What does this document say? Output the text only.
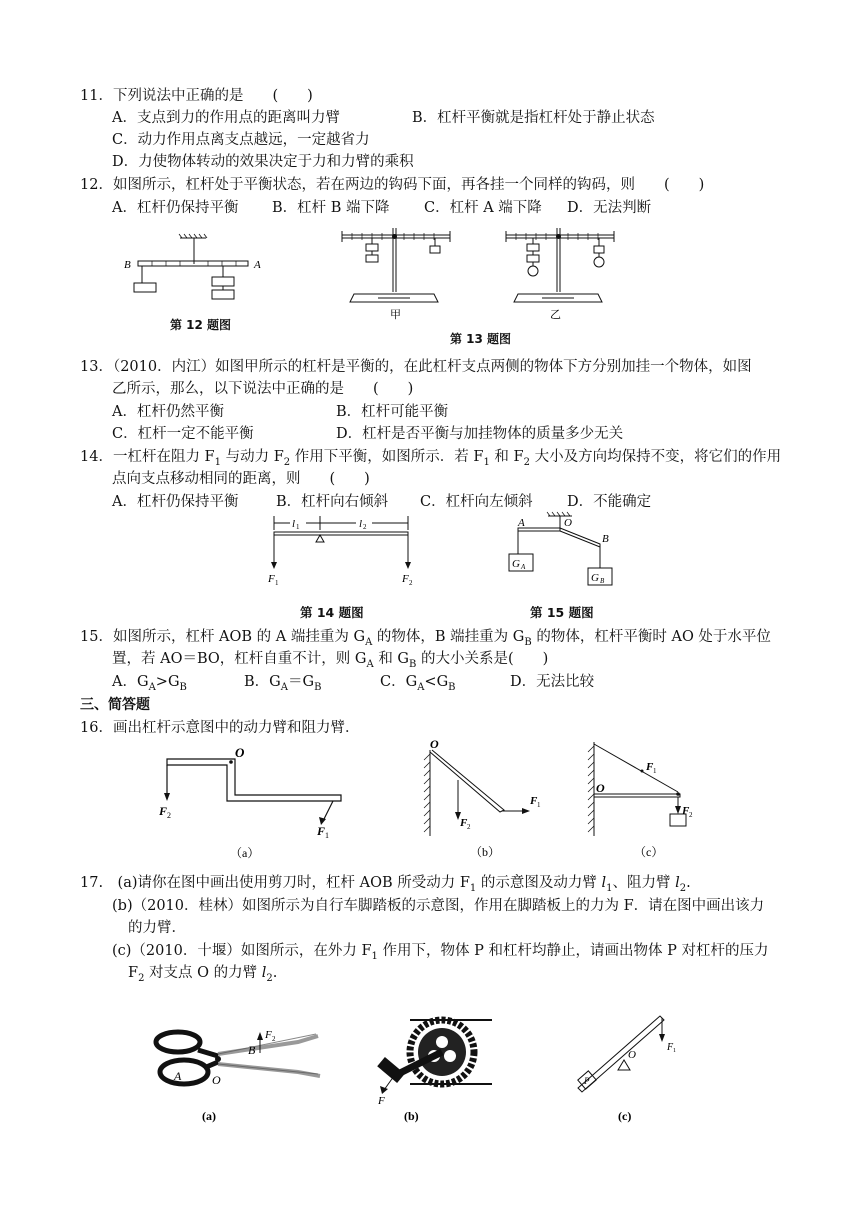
11．下列说法中正确的是　　(　　)
A．支点到力的作用点的距离叫力臂	B．杠杆平衡就是指杠杆处于静止状态
C．动力作用点离支点越远，一定越省力
D．力使物体转动的效果决定于力和力臂的乘积
12．如图所示，杠杆处于平衡状态，若在两边的钩码下面，再各挂一个同样的钩码，则　　(　　)
A．杠杆仍保持平衡 B．杠杆 B 端下降 C．杠杆 A 端下降 D．无法判断
B	A
第 12 题图
甲	乙
第 13 题图
13．（2010．内江）如图甲所示的杠杆是平衡的，在此杠杆支点两侧的物体下方分别加挂一个物体，如图
乙所示，那么，以下说法中正确的是　　(　　)
A．杠杆仍然平衡	B．杠杆可能平衡
C．杠杆一定不能平衡	D．杠杆是否平衡与加挂物体的质量多少无关
14．一杠杆在阻力 $F_1$ 与动力 $F_2$ 作用下平衡，如图所示．若 $F_1$ 和 $F_2$ 大小及方向均保持不变，将它们的作用
点向支点移动相同的距离，则　　(　　)
A．杠杆仍保持平衡	B．杠杆向右倾斜 C．杠杆向左倾斜 D．不能确定
l 1	l 2
F 1	F 2
第 14 题图
A	O
B
G A
G B
第 15 题图
15．如图所示，杠杆 AOB 的 A 端挂重为 $G_A$ 的物体，B 端挂重为 $G_B$ 的物体，杠杆平衡时 AO 处于水平位
置，若 AO＝BO，杠杆自重不计，则 $G_A$ 和 $G_B$ 的大小关系是(　　)
A．$G_A>G_B$	B．$G_A=G_B$	C．$G_A<G_B$	D．无法比较
三、简答题
16．画出杠杆示意图中的动力臂和阻力臂．
O
F 2
F 1
（a）
O
F 2
F 1
（b）
O
F 1
F 2
（c）
17.　(a)请你在图中画出使用剪刀时，杠杆 AOB 所受动力 $F_1$ 的示意图及动力臂 $l_1$、阻力臂 $l_2$.
(b)（2010．桂林）如图所示为自行车脚踏板的示意图，作用在脚踏板上的力为 F．请在图中画出该力
的力臂．
(c)（2010．十堰）如图所示，在外力 $F_1$ 作用下，物体 P 和杠杆均静止，请画出物体 P 对杠杆的压力
$F_2$ 对支点 O 的力臂 $l_2$.
B
F 2
A	O
(a)
F
(b)
P
O
F 1
(c)
